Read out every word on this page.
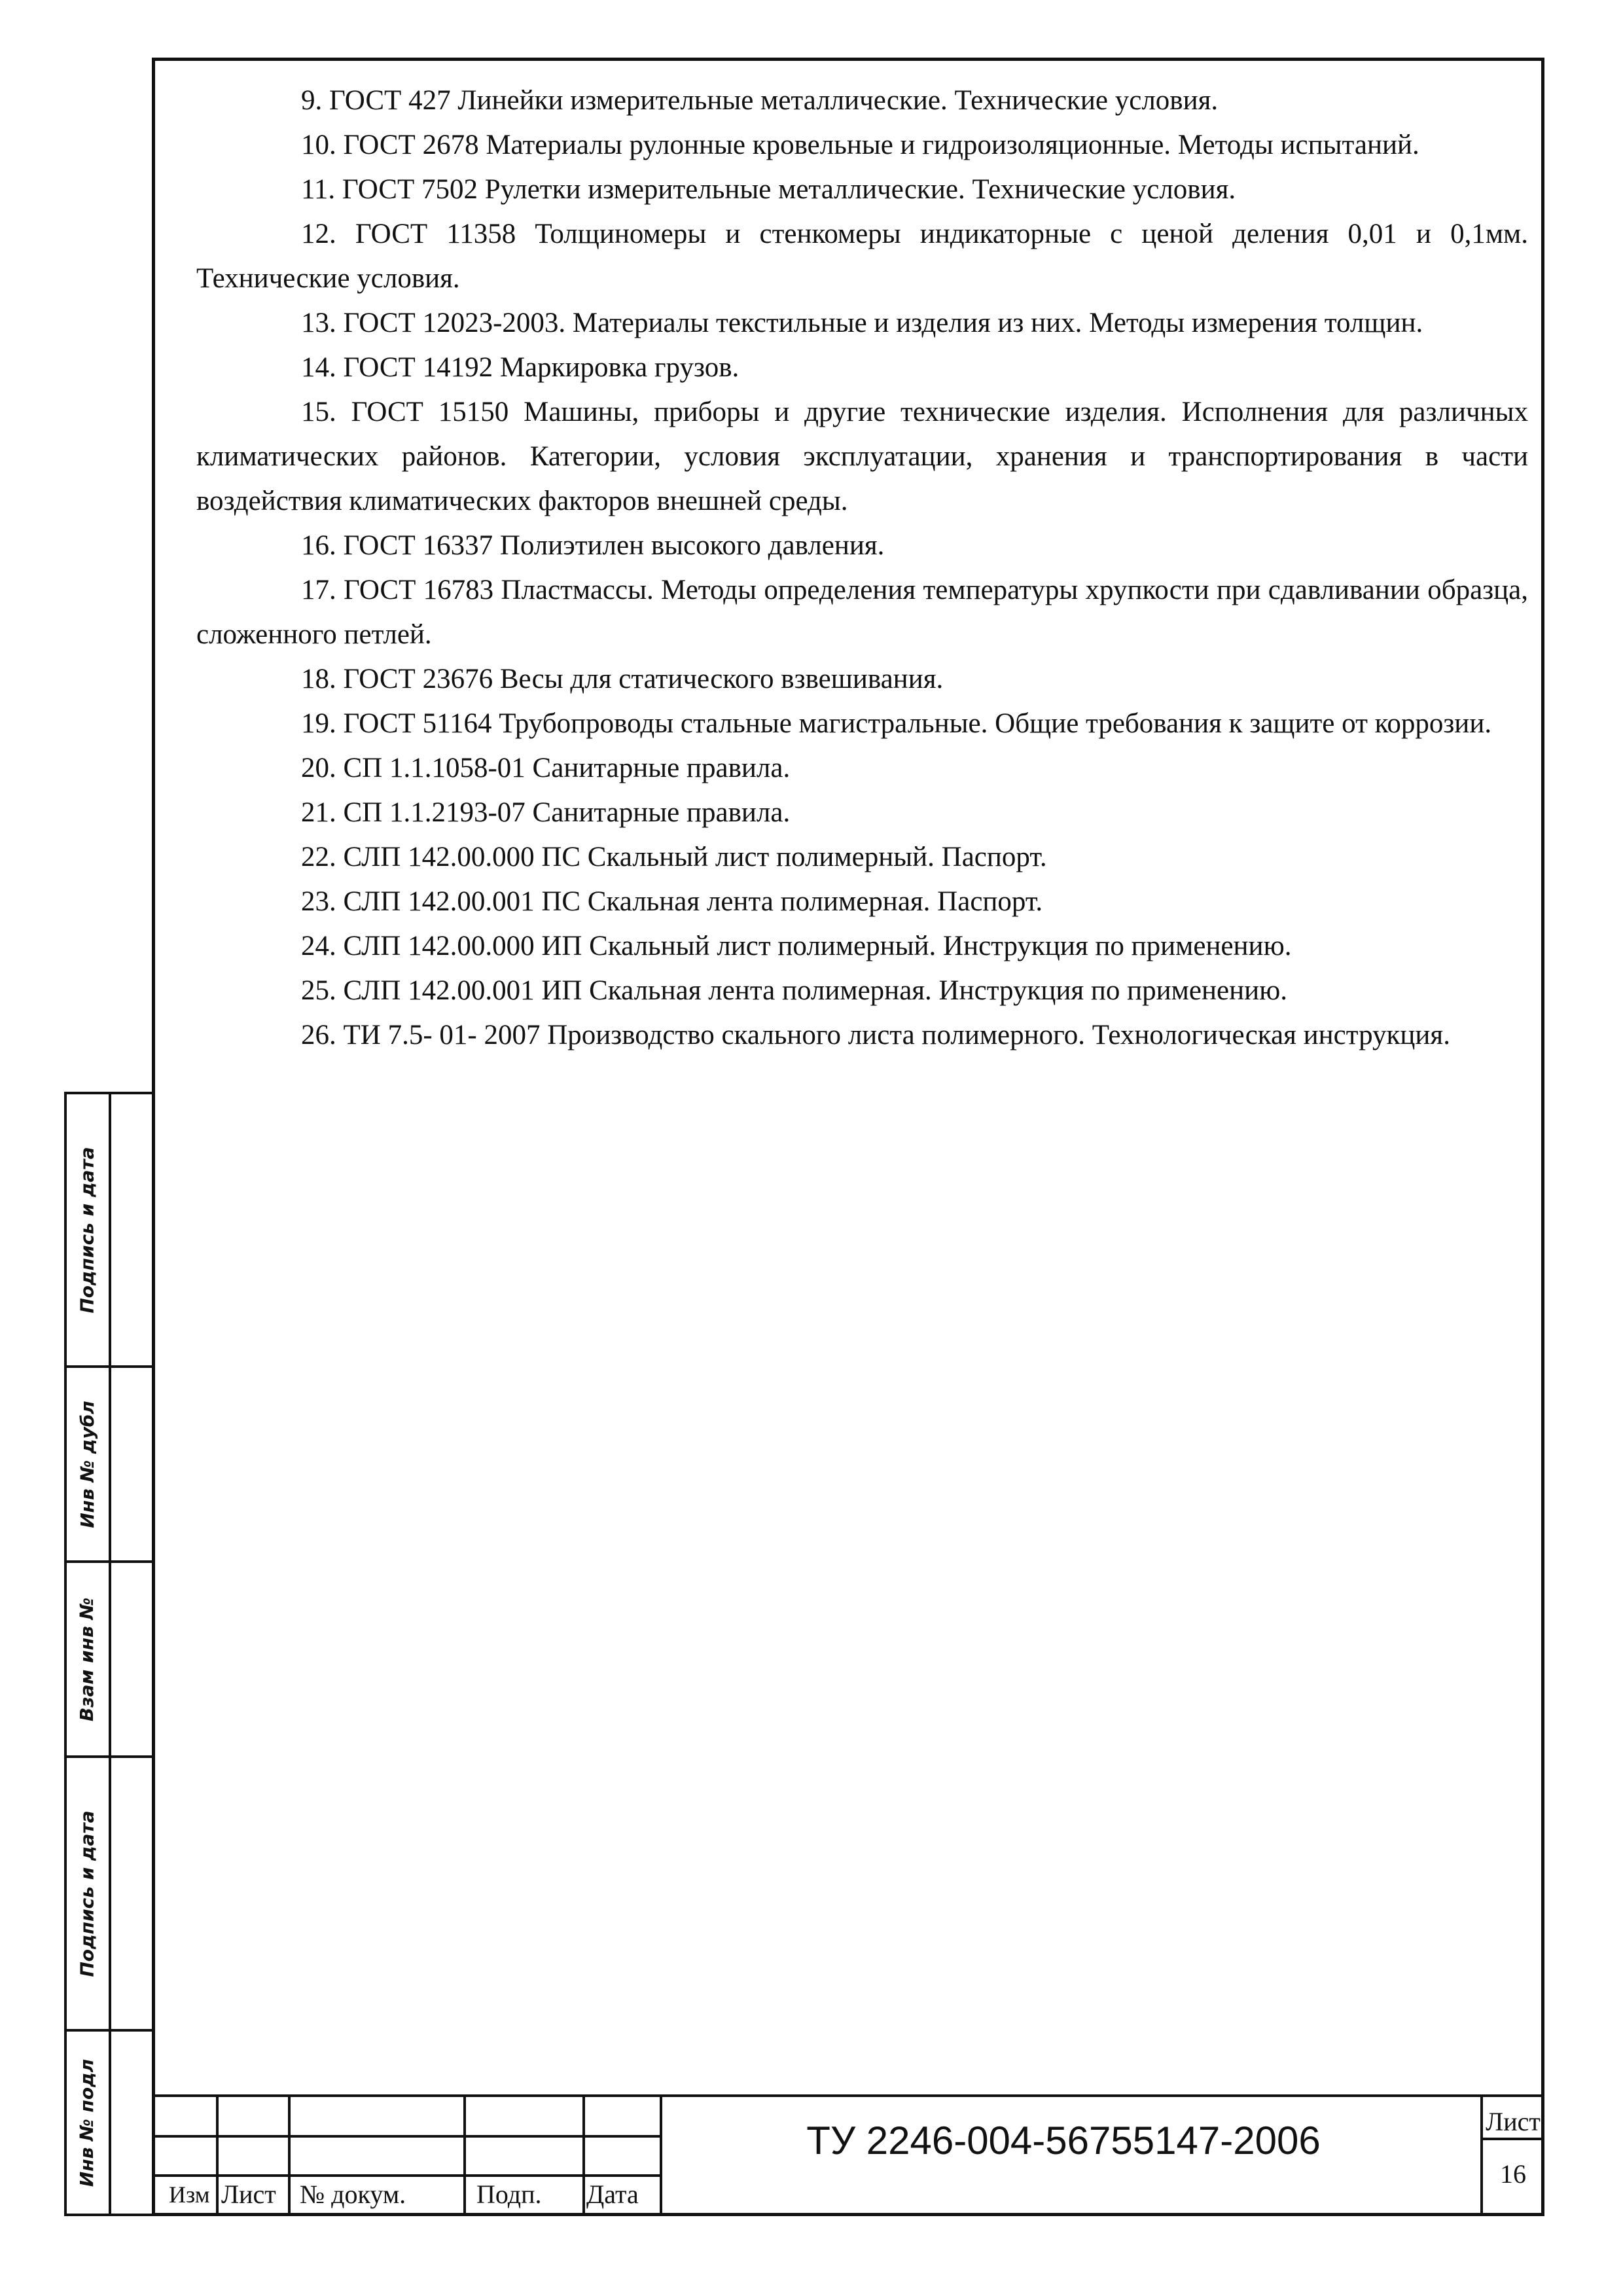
9. ГОСТ 427 Линейки измерительные металлические. Технические условия.

10. ГОСТ 2678 Материалы рулонные кровельные и гидроизоляционные. Методы испытаний.

11. ГОСТ 7502 Рулетки измерительные металлические. Технические условия.

12. ГОСТ 11358 Толщиномеры и стенкомеры индикаторные с ценой деления 0,01 и 0,1мм. Технические условия.

13. ГОСТ 12023-2003. Материалы текстильные и изделия из них. Методы измерения толщин.

14. ГОСТ 14192 Маркировка грузов.

15. ГОСТ 15150 Машины, приборы и другие технические изделия. Исполнения для различных климатических районов. Категории, условия эксплуатации, хранения и транспортирования в части воздействия климатических факторов внешней среды.

16. ГОСТ 16337 Полиэтилен высокого давления.

17. ГОСТ 16783 Пластмассы. Методы определения температуры хрупкости при сдавливании образца, сложенного петлей.

18. ГОСТ 23676 Весы для статического взвешивания.

19. ГОСТ 51164 Трубопроводы стальные магистральные. Общие требования к защите от коррозии.

20. СП 1.1.1058-01 Санитарные правила.

21. СП 1.1.2193-07 Санитарные правила.

22. СЛП 142.00.000 ПС Скальный лист полимерный. Паспорт.

23. СЛП 142.00.001 ПС Скальная лента полимерная. Паспорт.

24. СЛП 142.00.000 ИП Скальный лист полимерный. Инструкция по применению.

25. СЛП 142.00.001 ИП Скальная лента полимерная. Инструкция по применению.

26. ТИ 7.5- 01- 2007 Производство скального листа полимерного. Технологическая инструкция.

Подпись и дата
Инв № дубл
Взам инв №
Подпись и дата
Инв № подл
Изм Лист № докум.	Подп. Дата
ТУ 2246-004-56755147-2006	Лист
16
